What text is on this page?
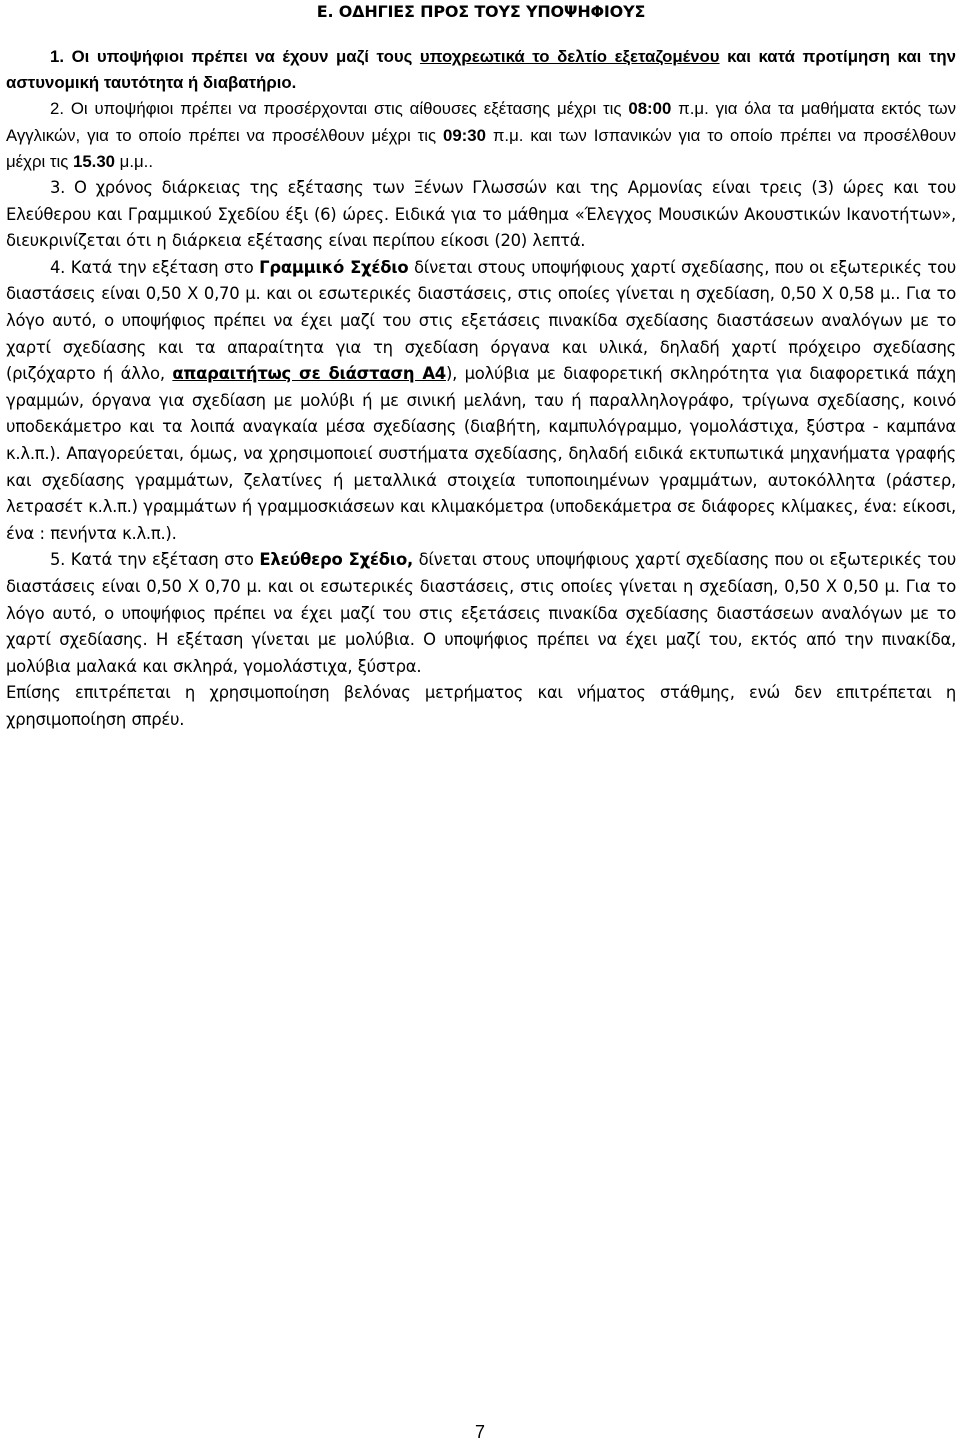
Ε. ΟΔΗΓΙΕΣ ΠΡΟΣ ΤΟΥΣ ΥΠΟΨΗΦΙΟΥΣ

1. Οι υποψήφιοι πρέπει να έχουν μαζί τους υποχρεωτικά το δελτίο εξεταζομένου και κατά προτίμηση και την αστυνομική ταυτότητα ή διαβατήριο.

2. Οι υποψήφιοι πρέπει να προσέρχονται στις αίθουσες εξέτασης μέχρι τις 08:00 π.μ. για όλα τα μαθήματα εκτός των Αγγλικών, για το οποίο πρέπει να προσέλθουν μέχρι τις 09:30 π.μ. και των Ισπανικών για το οποίο πρέπει να προσέλθουν μέχρι τις 15.30 μ.μ..

3. Ο χρόνος διάρκειας της εξέτασης των Ξένων Γλωσσών και της Αρμονίας είναι τρεις (3) ώρες και του Ελεύθερου και Γραμμικού Σχεδίου έξι (6) ώρες. Ειδικά για το μάθημα «Έλεγχος Μουσικών Ακουστικών Ικανοτήτων», διευκρινίζεται ότι η διάρκεια εξέτασης είναι περίπου είκοσι (20) λεπτά.

4. Κατά την εξέταση στο Γραμμικό Σχέδιο δίνεται στους υποψήφιους χαρτί σχεδίασης, που οι εξωτερικές του διαστάσεις είναι 0,50 Χ 0,70 μ. και οι εσωτερικές διαστάσεις, στις οποίες γίνεται η σχεδίαση, 0,50 Χ 0,58 μ.. Για το λόγο αυτό, ο υποψήφιος πρέπει να έχει μαζί του στις εξετάσεις πινακίδα σχεδίασης διαστάσεων αναλόγων με το χαρτί σχεδίασης και τα απαραίτητα για τη σχεδίαση όργανα και υλικά, δηλαδή χαρτί πρόχειρο σχεδίασης (ριζόχαρτο ή άλλο, απαραιτήτως σε διάσταση Α4), μολύβια με διαφορετική σκληρότητα για διαφορετικά πάχη γραμμών, όργανα για σχεδίαση με μολύβι ή με σινική μελάνη, ταυ ή παραλληλογράφο, τρίγωνα σχεδίασης, κοινό υποδεκάμετρο και τα λοιπά αναγκαία μέσα σχεδίασης (διαβήτη, καμπυλόγραμμο, γομολάστιχα, ξύστρα - καμπάνα κ.λ.π.). Απαγορεύεται, όμως, να χρησιμοποιεί συστήματα σχεδίασης, δηλαδή ειδικά εκτυπωτικά μηχανήματα γραφής και σχεδίασης γραμμάτων, ζελατίνες ή μεταλλικά στοιχεία τυποποιημένων γραμμάτων, αυτοκόλλητα (ράστερ, λετρασέτ κ.λ.π.) γραμμάτων ή γραμμοσκιάσεων και κλιμακόμετρα (υποδεκάμετρα σε διάφορες κλίμακες, ένα: είκοσι, ένα : πενήντα κ.λ.π.).

5. Κατά την εξέταση στο Ελεύθερο Σχέδιο, δίνεται στους υποψήφιους χαρτί σχεδίασης που οι εξωτερικές του διαστάσεις είναι 0,50 Χ 0,70 μ. και οι εσωτερικές διαστάσεις, στις οποίες γίνεται η σχεδίαση, 0,50 Χ 0,50 μ. Για το λόγο αυτό, ο υποψήφιος πρέπει να έχει μαζί του στις εξετάσεις πινακίδα σχεδίασης διαστάσεων αναλόγων με το χαρτί σχεδίασης. Η εξέταση γίνεται με μολύβια. Ο υποψήφιος πρέπει να έχει μαζί του, εκτός από την πινακίδα, μολύβια μαλακά και σκληρά, γομολάστιχα, ξύστρα.

Επίσης επιτρέπεται η χρησιμοποίηση βελόνας μετρήματος και νήματος στάθμης, ενώ δεν επιτρέπεται η χρησιμοποίηση σπρέυ.

7
